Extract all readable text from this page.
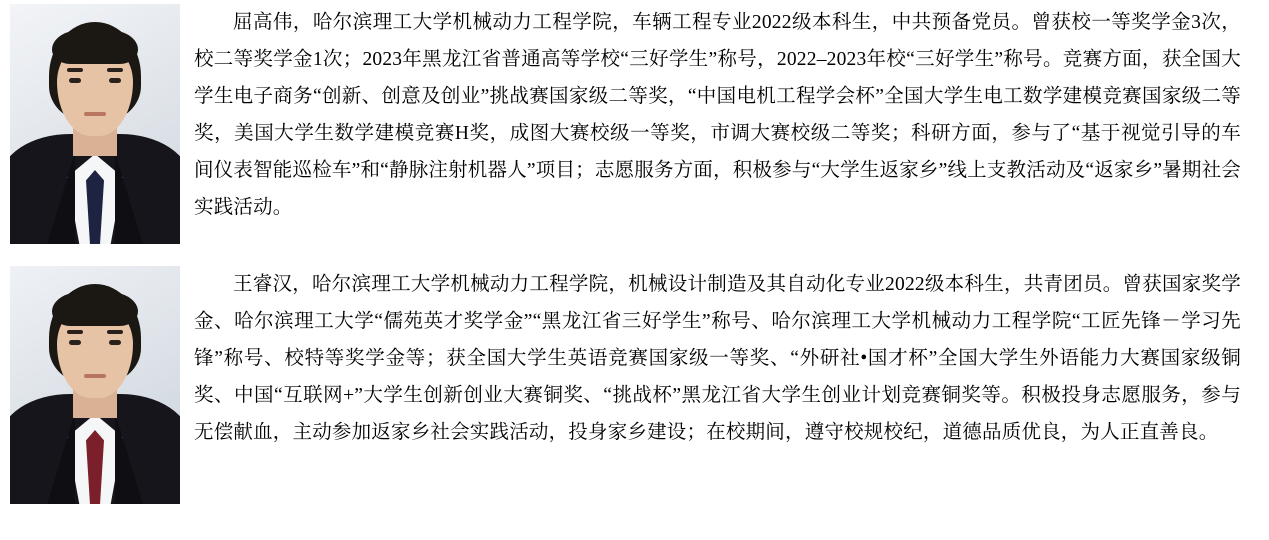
屈高伟，哈尔滨理工大学机械动力工程学院，车辆工程专业2022级本科生，中共预备党员。曾获校一等奖学金3次，校二等奖学金1次；2023年黑龙江省普通高等学校“三好学生”称号，2022–2023年校“三好学生”称号。竞赛方面，获全国大学生电子商务“创新、创意及创业”挑战赛国家级二等奖，“中国电机工程学会杯”全国大学生电工数学建模竞赛国家级二等奖，美国大学生数学建模竞赛H奖，成图大赛校级一等奖，市调大赛校级二等奖；科研方面，参与了“基于视觉引导的车间仪表智能巡检车”和“静脉注射机器人”项目；志愿服务方面，积极参与“大学生返家乡”线上支教活动及“返家乡”暑期社会实践活动。

王睿汉，哈尔滨理工大学机械动力工程学院，机械设计制造及其自动化专业2022级本科生，共青团员。曾获国家奖学金、哈尔滨理工大学“儒苑英才奖学金”“黑龙江省三好学生”称号、哈尔滨理工大学机械动力工程学院“工匠先锋－学习先锋”称号、校特等奖学金等；获全国大学生英语竞赛国家级一等奖、“外研社•国才杯”全国大学生外语能力大赛国家级铜奖、中国“互联网+”大学生创新创业大赛铜奖、“挑战杯”黑龙江省大学生创业计划竞赛铜奖等。积极投身志愿服务，参与无偿献血，主动参加返家乡社会实践活动，投身家乡建设；在校期间，遵守校规校纪，道德品质优良，为人正直善良。
